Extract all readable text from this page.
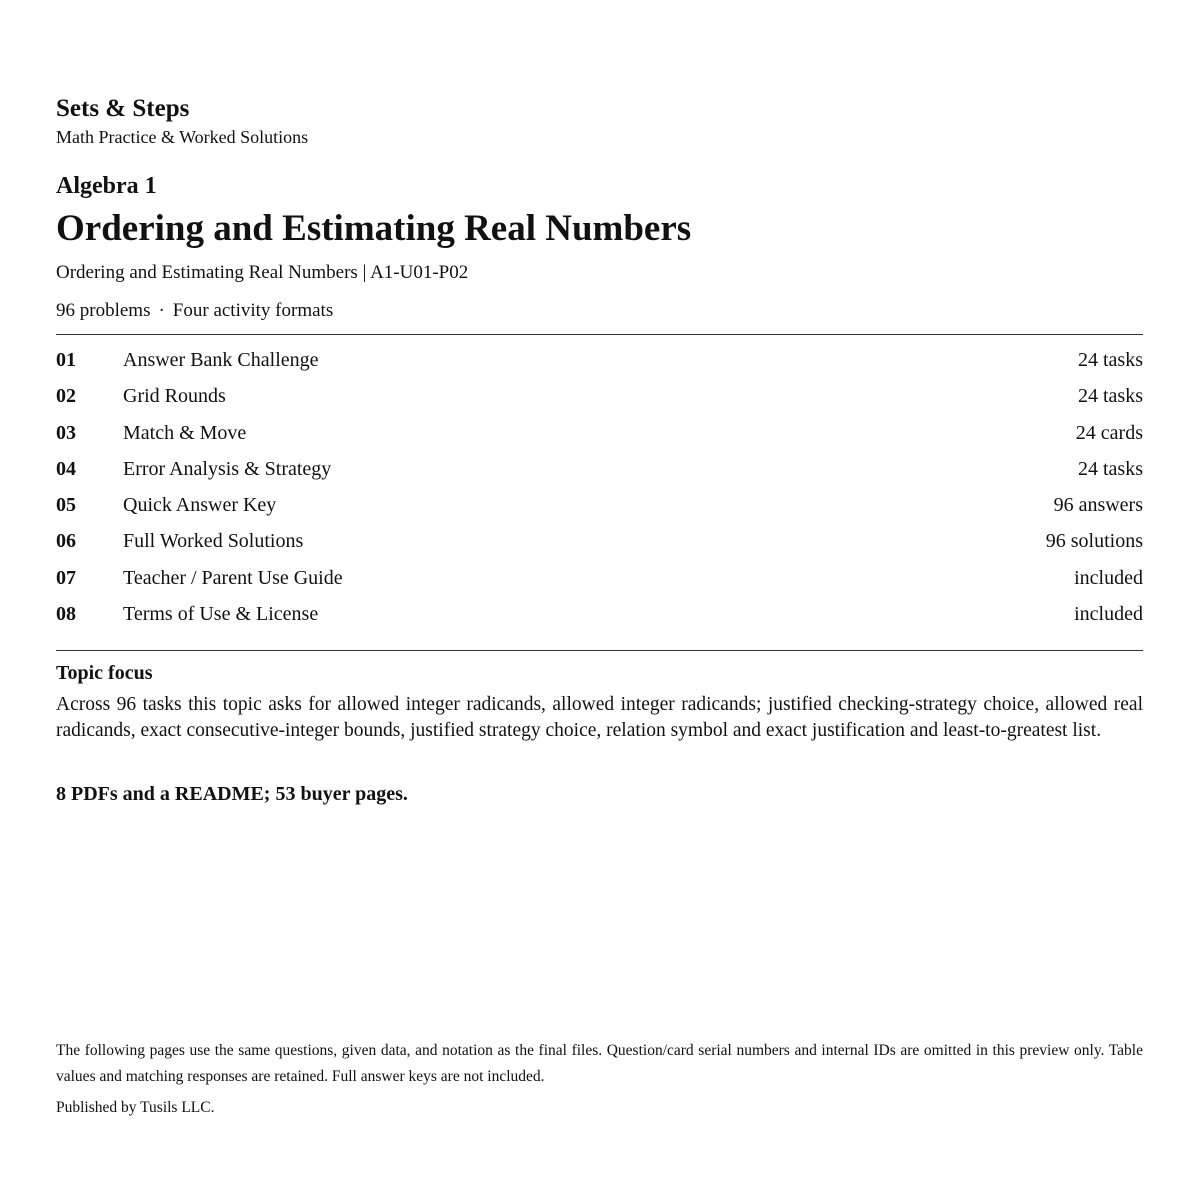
Sets & Steps
Math Practice & Worked Solutions
Algebra 1
Ordering and Estimating Real Numbers
Ordering and Estimating Real Numbers | A1-U01-P02
96 problems · Four activity formats
01 Answer Bank Challenge	24 tasks
02 Grid Rounds	24 tasks
03 Match & Move	24 cards
04 Error Analysis & Strategy	24 tasks
05 Quick Answer Key	96 answers
06 Full Worked Solutions	96 solutions
07 Teacher / Parent Use Guide	included
08 Terms of Use & License	included
Topic focus
Across 96 tasks this topic asks for allowed integer radicands, allowed integer radicands; justified checking-strategy choice, allowed real radicands, exact consecutive-integer bounds, justified strategy choice, relation symbol and exact justification and least-to-greatest list.
8 PDFs and a README; 53 buyer pages.
The following pages use the same questions, given data, and notation as the final files. Question/card serial numbers and internal IDs are omitted in this preview only. Table values and matching responses are retained. Full answer keys are not included.
Published by Tusils LLC.
